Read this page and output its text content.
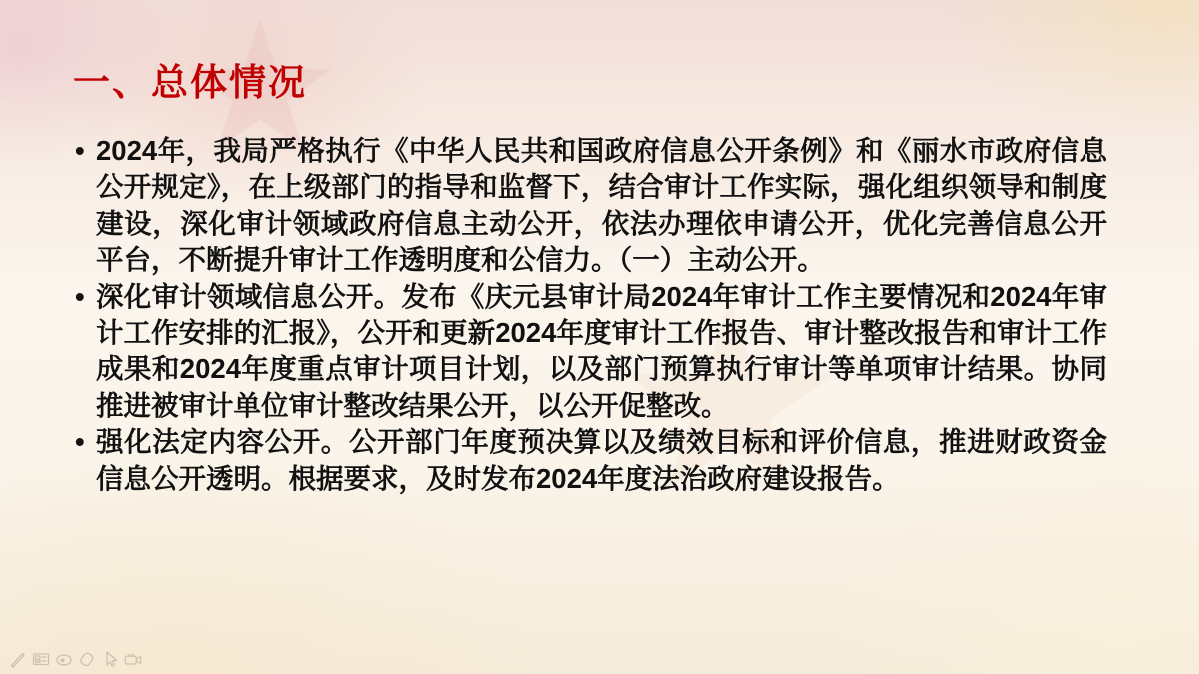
一、总体情况
• 2024年，我局严格执行《中华人民共和国政府信息公开条例》和《丽水市政府信息公开规定》，在上级部门的指导和监督下，结合审计工作实际，强化组织领导和制度建设，深化审计领域政府信息主动公开，依法办理依申请公开，优化完善信息公开平台，不断提升审计工作透明度和公信力。（一）主动公开。
• 深化审计领域信息公开。发布《庆元县审计局2024年审计工作主要情况和2024年审计工作安排的汇报》，公开和更新2024年度审计工作报告、审计整改报告和审计工作成果和2024年度重点审计项目计划，以及部门预算执行审计等单项审计结果。协同推进被审计单位审计整改结果公开，以公开促整改。
• 强化法定内容公开。公开部门年度预决算以及绩效目标和评价信息，推进财政资金信息公开透明。根据要求，及时发布2024年度法治政府建设报告。
